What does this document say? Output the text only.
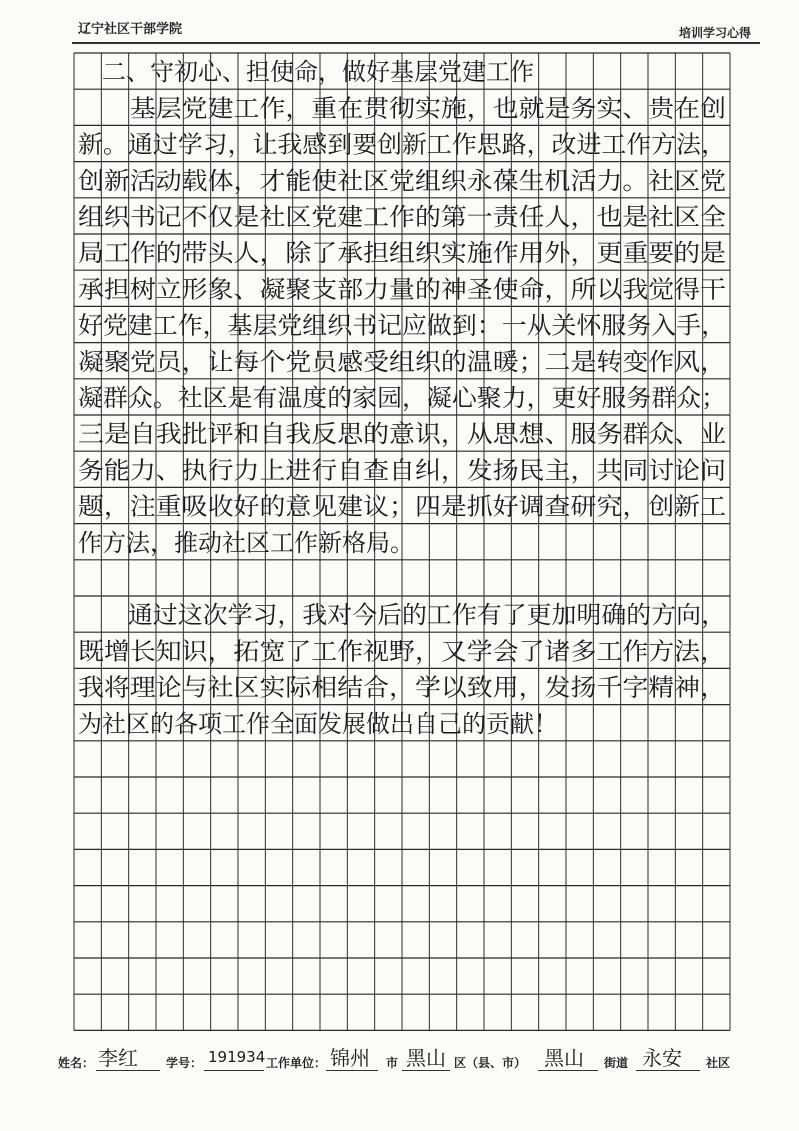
辽宁社区干部学院	培训学习心得
　二、守初心、担使命，做好基层党建工作
　　基层党建工作，重在贯彻实施，也就是务实、贵在创
新。通过学习，让我感到要创新工作思路，改进工作方法，
创新活动载体，才能使社区党组织永葆生机活力。社区党
组织书记不仅是社区党建工作的第一责任人，也是社区全
局工作的带头人，除了承担组织实施作用外，更重要的是
承担树立形象、凝聚支部力量的神圣使命，所以我觉得干
好党建工作，基层党组织书记应做到：一从关怀服务入手，
凝聚党员，让每个党员感受组织的温暖；二是转变作风，
凝群众。社区是有温度的家园，凝心聚力，更好服务群众；
三是自我批评和自我反思的意识，从思想、服务群众、业
务能力、执行力上进行自查自纠，发扬民主，共同讨论问
题，注重吸收好的意见建议；四是抓好调查研究，创新工
作方法，推动社区工作新格局。
　　通过这次学习，我对今后的工作有了更加明确的方向，
既增长知识，拓宽了工作视野，又学会了诸多工作方法，
我将理论与社区实际相结合，学以致用，发扬千字精神，
为社区的各项工作全面发展做出自己的贡献！
姓名： 李红 学号： 191934 工作单位： 锦州 市 黑山 区（县、市） 黑山 街道 永安 社区
